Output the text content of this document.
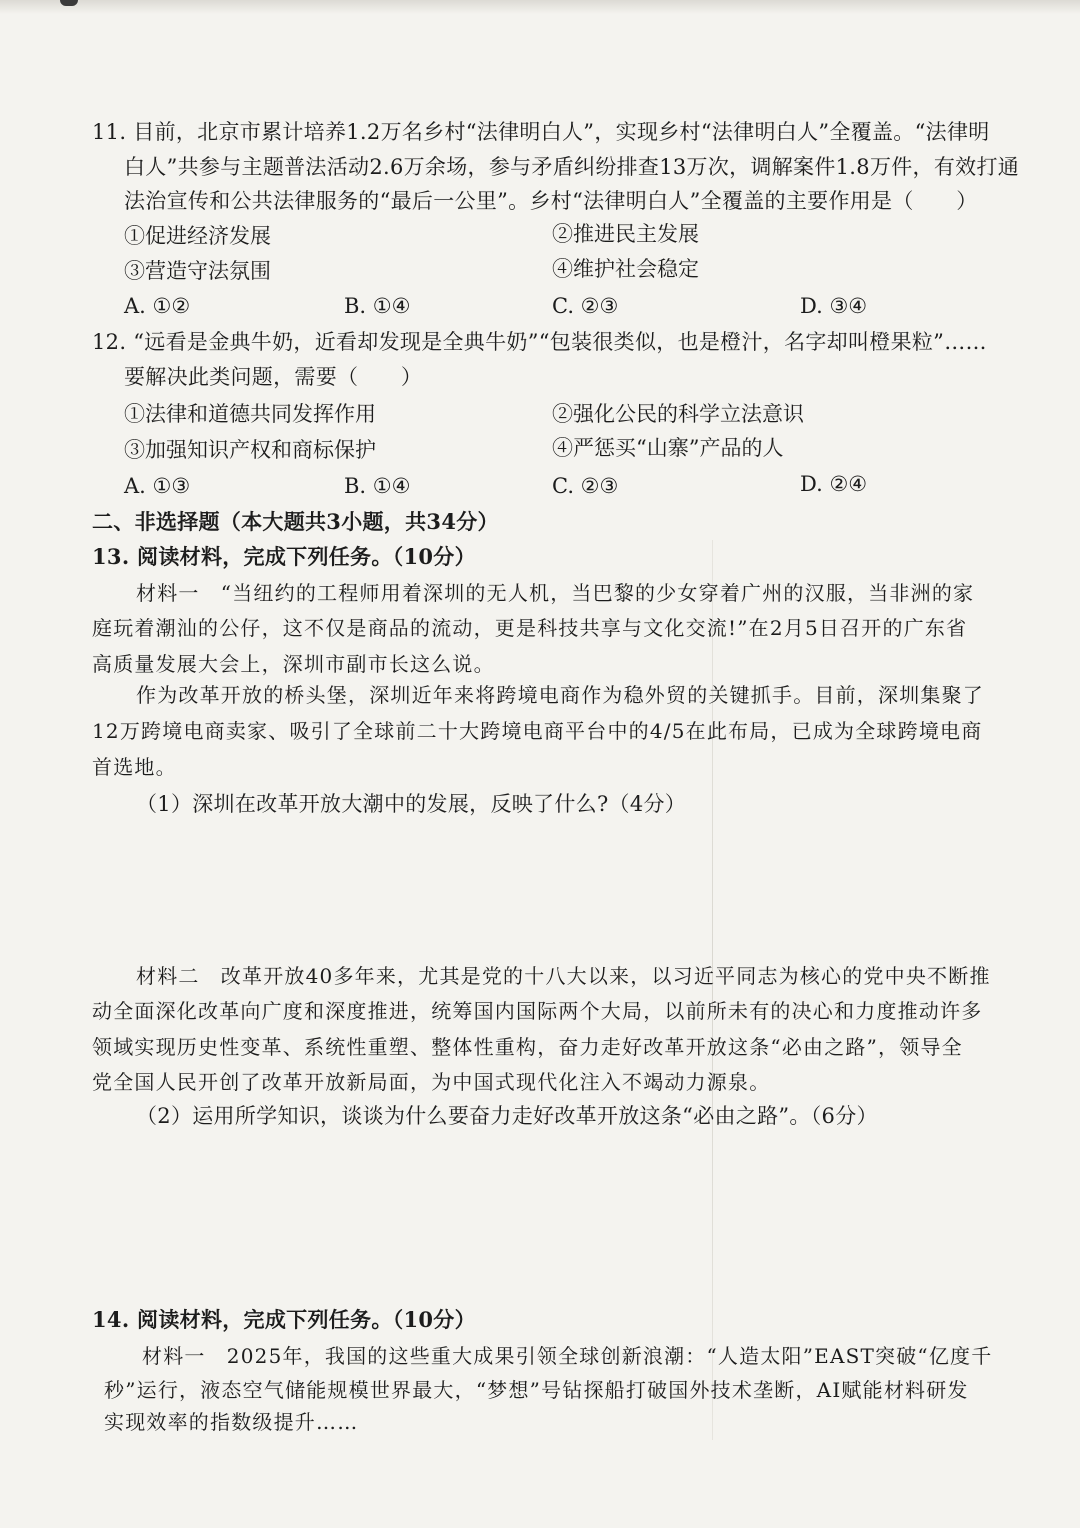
11. 目前，北京市累计培养1.2万名乡村“法律明白人”，实现乡村“法律明白人”全覆盖。“法律明
白人”共参与主题普法活动2.6万余场，参与矛盾纠纷排查13万次，调解案件1.8万件，有效打通
法治宣传和公共法律服务的“最后一公里”。乡村“法律明白人”全覆盖的主要作用是（　　）
①促进经济发展	②推进民主发展
③营造守法氛围	④维护社会稳定
A. ①②	B. ①④	C. ②③	D. ③④
12. “远看是金典牛奶，近看却发现是全典牛奶”“包装很类似，也是橙汁，名字却叫橙果粒”……
要解决此类问题，需要（　　）
①法律和道德共同发挥作用	②强化公民的科学立法意识
③加强知识产权和商标保护	④严惩买“山寨”产品的人
A. ①③	B. ①④	C. ②③	D. ②④
二、非选择题（本大题共3小题，共34分）
13. 阅读材料，完成下列任务。（10分）
材料一　“当纽约的工程师用着深圳的无人机，当巴黎的少女穿着广州的汉服，当非洲的家
庭玩着潮汕的公仔，这不仅是商品的流动，更是科技共享与文化交流!”在2月5日召开的广东省
高质量发展大会上，深圳市副市长这么说。
作为改革开放的桥头堡，深圳近年来将跨境电商作为稳外贸的关键抓手。目前，深圳集聚了
12万跨境电商卖家、吸引了全球前二十大跨境电商平台中的4/5在此布局，已成为全球跨境电商
首选地。
（1）深圳在改革开放大潮中的发展，反映了什么?（4分）
材料二　改革开放40多年来，尤其是党的十八大以来，以习近平同志为核心的党中央不断推
动全面深化改革向广度和深度推进，统筹国内国际两个大局，以前所未有的决心和力度推动许多
领域实现历史性变革、系统性重塑、整体性重构，奋力走好改革开放这条“必由之路”，领导全
党全国人民开创了改革开放新局面，为中国式现代化注入不竭动力源泉。
（2）运用所学知识，谈谈为什么要奋力走好改革开放这条“必由之路”。（6分）
14. 阅读材料，完成下列任务。（10分）
材料一　2025年，我国的这些重大成果引领全球创新浪潮：“人造太阳”EAST突破“亿度千
秒”运行，液态空气储能规模世界最大，“梦想”号钻探船打破国外技术垄断，AI赋能材料研发
实现效率的指数级提升……
